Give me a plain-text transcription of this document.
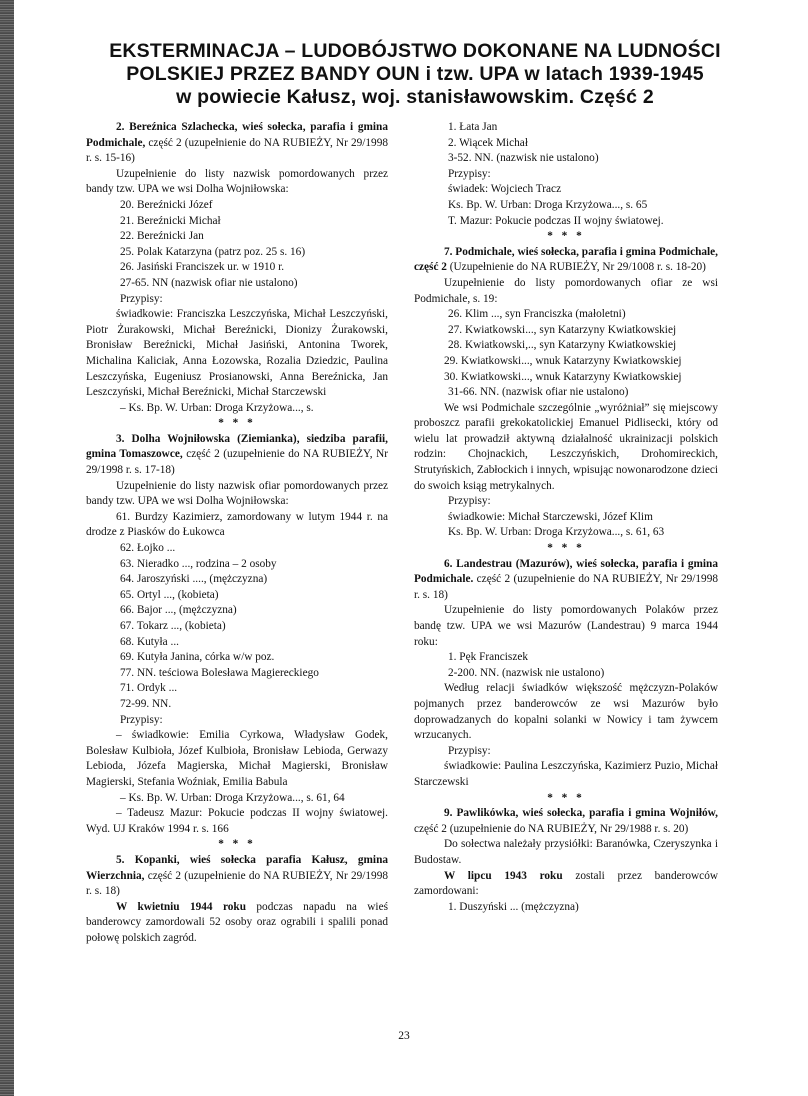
EKSTERMINACJA – LUDOBÓJSTWO DOKONANE NA LUDNOŚCI
POLSKIEJ PRZEZ BANDY OUN i tzw. UPA w latach 1939-1945
w powiecie Kałusz, woj. stanisławowskim. Część 2

2. Bereźnica Szlachecka, wieś sołecka, parafia i gmina Podmichale, część 2 (uzupełnienie do NA RUBIEŻY, Nr 29/1998 r. s. 15-16)

Uzupełnienie do listy nazwisk pomordowanych przez bandy tzw. UPA we wsi Dolha Wojniłowska:

20. Bereźnicki Józef

21. Bereźnicki Michał

22. Bereźnicki Jan

25. Polak Katarzyna (patrz poz. 25 s. 16)

26. Jasiński Franciszek ur. w 1910 r.

27-65. NN (nazwisk ofiar nie ustalono)

Przypisy:

świadkowie: Franciszka Leszczyńska, Michał Leszczyński, Piotr Żurakowski, Michał Bereźnicki, Dionizy Żurakowski, Bronisław Bereźnicki, Michał Jasiński, Antonina Tworek, Michalina Kaliciak, Anna Łozowska, Rozalia Dziedzic, Paulina Leszczyńska, Eugeniusz Prosianowski, Anna Bereźnicka, Jan Leszczyński, Michał Bereźnicki, Michał Starczewski

– Ks. Bp. W. Urban: Droga Krzyżowa..., s.

* * *

3. Dolha Wojniłowska (Ziemianka), siedziba parafii, gmina Tomaszowce, część 2 (uzupełnienie do NA RUBIEŻY, Nr 29/1998 r. s. 17-18)

Uzupełnienie do listy nazwisk ofiar pomordowanych przez bandy tzw. UPA we wsi Dolha Wojniłowska:

61. Burdzy Kazimierz, zamordowany w lutym 1944 r. na drodze z Piasków do Łukowca

62. Łojko ...

63. Nieradko ..., rodzina – 2 osoby

64. Jaroszyński ...., (mężczyzna)

65. Ortyl ..., (kobieta)

66. Bajor ..., (mężczyzna)

67. Tokarz ..., (kobieta)

68. Kutyła ...

69. Kutyła Janina, córka w/w poz.

77. NN. teściowa Bolesława Magiereckiego

71. Ordyk ...

72-99. NN.

Przypisy:

– świadkowie: Emilia Cyrkowa, Władysław Godek, Bolesław Kulbioła, Józef Kulbioła, Bronisław Lebioda, Gerwazy Lebioda, Józefa Magierska, Michał Magierski, Bronisław Magierski, Stefania Woźniak, Emilia Babula

– Ks. Bp. W. Urban: Droga Krzyżowa..., s. 61, 64

– Tadeusz Mazur: Pokucie podczas II wojny światowej. Wyd. UJ Kraków 1994 r. s. 166

* * *

5. Kopanki, wieś sołecka parafia Kałusz, gmina Wierzchnia, część 2 (uzupełnienie do NA RUBIEŻY, Nr 29/1998 r. s. 18)

W kwietniu 1944 roku podczas napadu na wieś banderowcy zamordowali 52 osoby oraz ograbili i spalili ponad połowę polskich zagród.

1. Łata Jan

2. Wiącek Michał

3-52. NN. (nazwisk nie ustalono)

Przypisy:

świadek: Wojciech Tracz

Ks. Bp. W. Urban: Droga Krzyżowa..., s. 65

T. Mazur: Pokucie podczas II wojny światowej.

* * *

7. Podmichale, wieś sołecka, parafia i gmina Podmichale, część 2 (Uzupełnienie do NA RUBIEŻY, Nr 29/1008 r. s. 18-20)

Uzupełnienie do listy pomordowanych ofiar ze wsi Podmichale, s. 19:

26. Klim ..., syn Franciszka (małoletni)

27. Kwiatkowski..., syn Katarzyny Kwiatkowskiej

28. Kwiatkowski,.., syn Katarzyny Kwiatkowskiej

29. Kwiatkowski..., wnuk Katarzyny Kwiatkowskiej

30. Kwiatkowski..., wnuk Katarzyny Kwiatkowskiej

31-66. NN. (nazwisk ofiar nie ustalono)

We wsi Podmichale szczególnie „wyróżniał” się miejscowy proboszcz parafii grekokatolickiej Emanuel Pidlisecki, który od wielu lat prowadził aktywną działalność ukrainizacji polskich rodzin: Chojnackich, Leszczyńskich, Drohomireckich, Strutyńskich, Zabłockich i innych, wpisując nowonarodzone dzieci do swoich ksiąg metrykalnych.

Przypisy:

świadkowie: Michał Starczewski, Józef Klim

Ks. Bp. W. Urban: Droga Krzyżowa..., s. 61, 63

* * *

6. Landestrau (Mazurów), wieś sołecka, parafia i gmina Podmichale. część 2 (uzupełnienie do NA RUBIEŻY, Nr 29/1998 r. s. 18)

Uzupełnienie do listy pomordowanych Polaków przez bandę tzw. UPA we wsi Mazurów (Landestrau) 9 marca 1944 roku:

1. Pęk Franciszek

2-200. NN. (nazwisk nie ustalono)

Według relacji świadków większość mężczyzn-Polaków pojmanych przez banderowców ze wsi Mazurów było doprowadzanych do kopalni solanki w Nowicy i tam żywcem wrzucanych.

Przypisy:

świadkowie: Paulina Leszczyńska, Kazimierz Puzio, Michał Starczewski

* * *

9. Pawlikówka, wieś sołecka, parafia i gmina Wojniłów, część 2 (uzupełnienie do NA RUBIEŻY, Nr 29/1988 r. s. 20)

Do sołectwa należały przysiółki: Baranówka, Czeryszynka i Budostaw.

W lipcu 1943 roku zostali przez banderowców zamordowani:

1. Duszyński ... (mężczyzna)

23
